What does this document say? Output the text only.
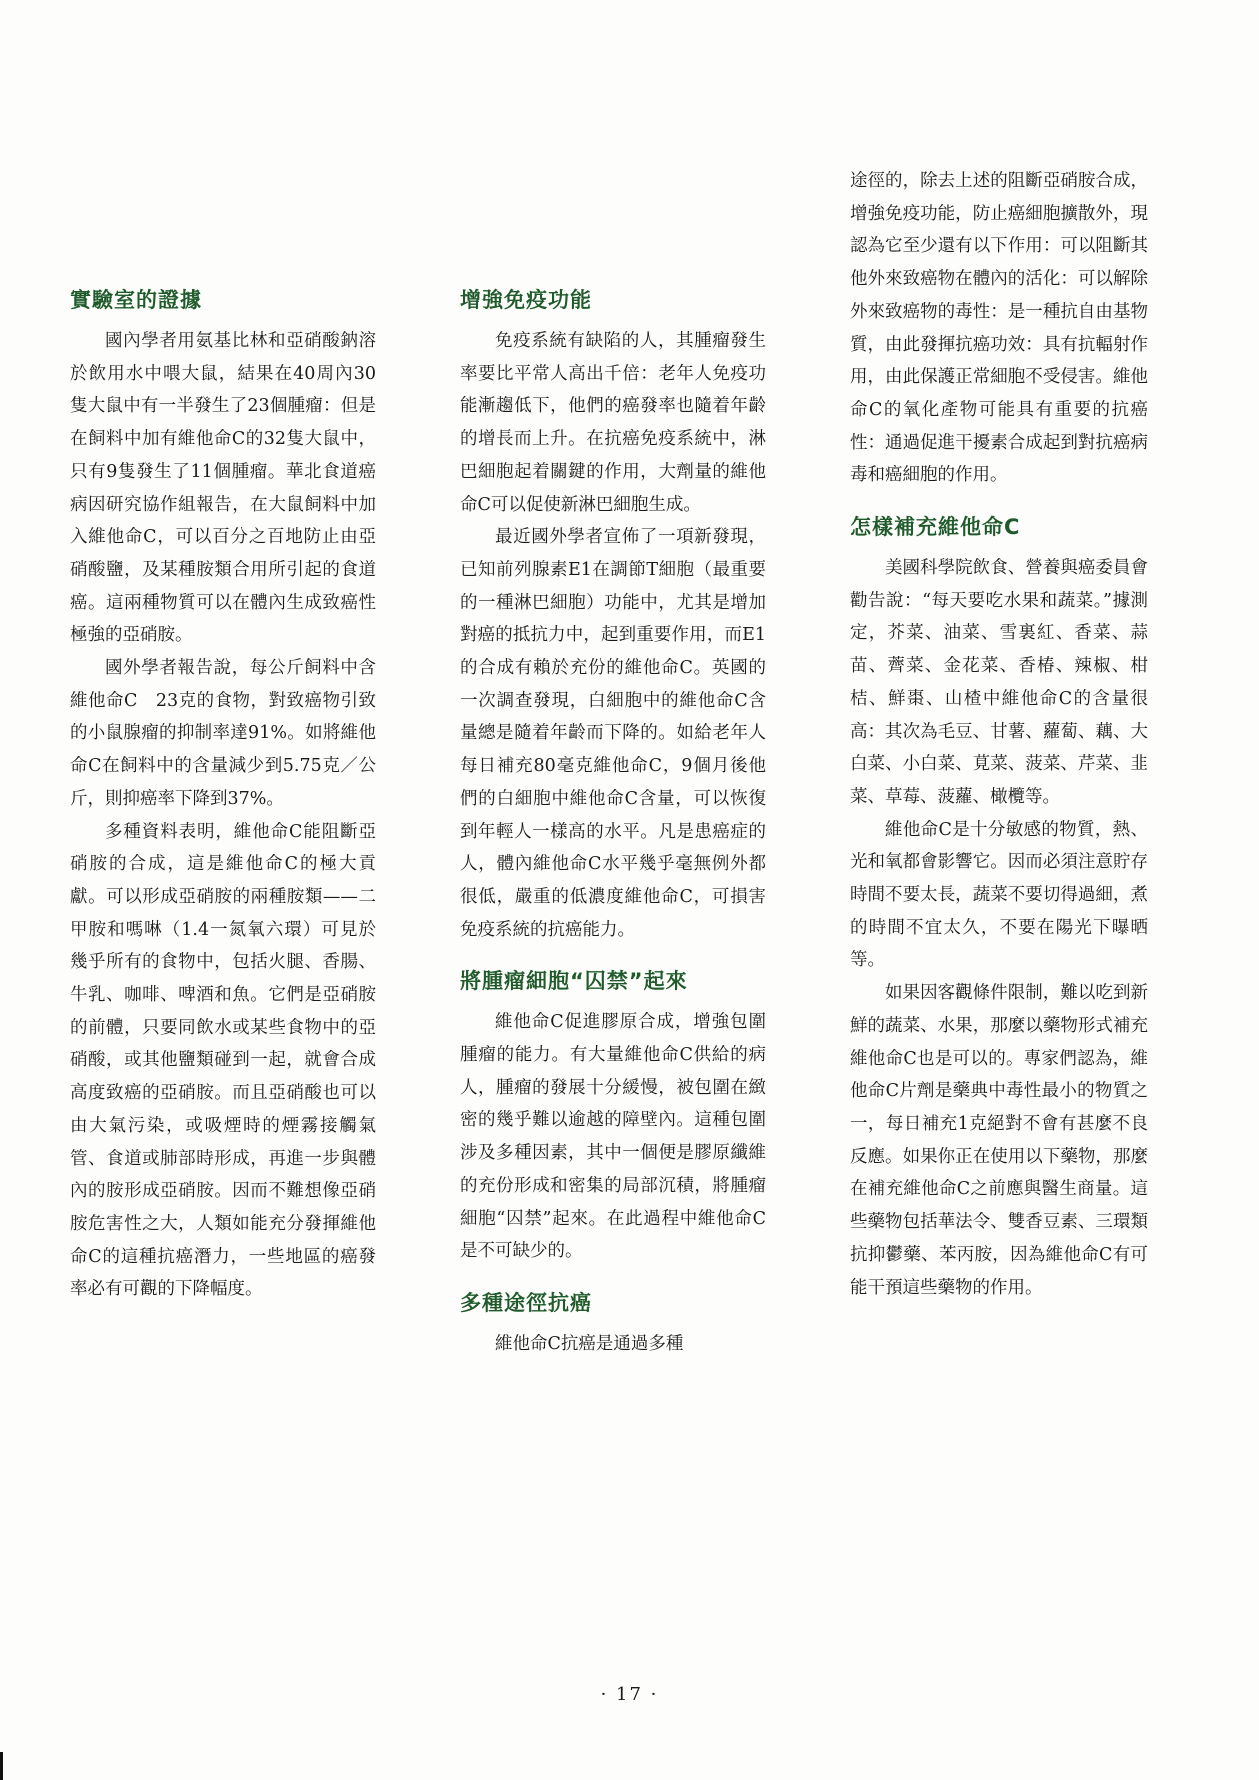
實驗室的證據

國內學者用氨基比林和亞硝酸鈉溶於飲用水中喂大鼠，結果在40周內30隻大鼠中有一半發生了23個腫瘤：但是在飼料中加有維他命C的32隻大鼠中，只有9隻發生了11個腫瘤。華北食道癌病因研究協作組報告，在大鼠飼料中加入維他命C，可以百分之百地防止由亞硝酸鹽，及某種胺類合用所引起的食道癌。這兩種物質可以在體內生成致癌性極強的亞硝胺。

國外學者報告說，每公斤飼料中含維他命C　23克的食物，對致癌物引致的小鼠腺瘤的抑制率達91%。如將維他命C在飼料中的含量減少到5.75克／公斤，則抑癌率下降到37%。

多種資料表明，維他命C能阻斷亞硝胺的合成，這是維他命C的極大貢獻。可以形成亞硝胺的兩種胺類——二甲胺和嗎啉（1.4一氮氧六環）可見於幾乎所有的食物中，包括火腿、香腸、牛乳、咖啡、啤酒和魚。它們是亞硝胺的前體，只要同飲水或某些食物中的亞硝酸，或其他鹽類碰到一起，就會合成高度致癌的亞硝胺。而且亞硝酸也可以由大氣污染，或吸煙時的煙霧接觸氣管、食道或肺部時形成，再進一步與體內的胺形成亞硝胺。因而不難想像亞硝胺危害性之大，人類如能充分發揮維他命C的這種抗癌潛力，一些地區的癌發率必有可觀的下降幅度。

增強免疫功能

免疫系統有缺陷的人，其腫瘤發生率要比平常人高出千倍：老年人免疫功能漸趨低下，他們的癌發率也隨着年齡的增長而上升。在抗癌免疫系統中，淋巴細胞起着關鍵的作用，大劑量的維他命C可以促使新淋巴細胞生成。

最近國外學者宣佈了一項新發現，已知前列腺素E1在調節T細胞（最重要的一種淋巴細胞）功能中，尤其是增加對癌的抵抗力中，起到重要作用，而E1的合成有賴於充份的維他命C。英國的一次調查發現，白細胞中的維他命C含量總是隨着年齡而下降的。如給老年人每日補充80毫克維他命C，9個月後他們的白細胞中維他命C含量，可以恢復到年輕人一樣高的水平。凡是患癌症的人，體內維他命C水平幾乎毫無例外都很低，嚴重的低濃度維他命C，可損害免疫系統的抗癌能力。

將腫瘤細胞“囚禁”起來

維他命C促進膠原合成，增強包圍腫瘤的能力。有大量維他命C供給的病人，腫瘤的發展十分緩慢，被包圍在緻密的幾乎難以逾越的障壁內。這種包圍涉及多種因素，其中一個便是膠原纖維的充份形成和密集的局部沉積，將腫瘤細胞“囚禁”起來。在此過程中維他命C是不可缺少的。

多種途徑抗癌

維他命C抗癌是通過多種

途徑的，除去上述的阻斷亞硝胺合成，增強免疫功能，防止癌細胞擴散外，現認為它至少還有以下作用：可以阻斷其他外來致癌物在體內的活化：可以解除外來致癌物的毒性：是一種抗自由基物質，由此發揮抗癌功效：具有抗輻射作用，由此保護正常細胞不受侵害。維他命C的氧化產物可能具有重要的抗癌性：通過促進干擾素合成起到對抗癌病毒和癌細胞的作用。

怎樣補充維他命C

美國科學院飲食、營養與癌委員會勸告說：“每天要吃水果和蔬菜。”據測定，芥菜、油菜、雪裏紅、香菜、蒜苗、薺菜、金花菜、香椿、辣椒、柑桔、鮮棗、山楂中維他命C的含量很高：其次為毛豆、甘薯、蘿蔔、藕、大白菜、小白菜、莧菜、菠菜、芹菜、韭菜、草莓、菠蘿、橄欖等。

維他命C是十分敏感的物質，熱、光和氧都會影響它。因而必須注意貯存時間不要太長，蔬菜不要切得過細，煮的時間不宜太久，不要在陽光下曝晒等。

如果因客觀條件限制，難以吃到新鮮的蔬菜、水果，那麼以藥物形式補充維他命C也是可以的。專家們認為，維他命C片劑是藥典中毒性最小的物質之一，每日補充1克絕對不會有甚麼不良反應。如果你正在使用以下藥物，那麼在補充維他命C之前應與醫生商量。這些藥物包括華法令、雙香豆素、三環類抗抑鬱藥、苯丙胺，因為維他命C有可能干預這些藥物的作用。

· 17 ·
